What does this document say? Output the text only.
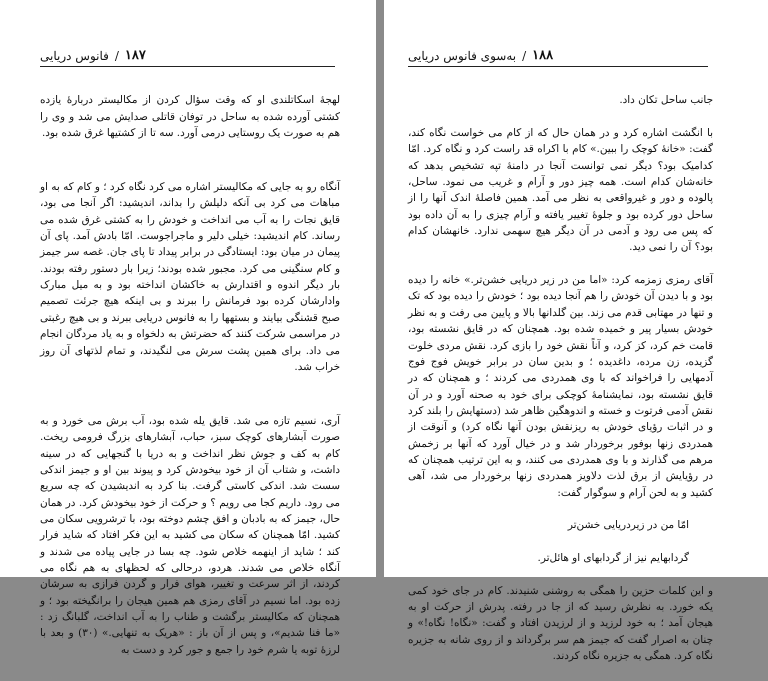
۱۸۷
/
فانوس دریایی

لهجهٔ اسکاتلندی او که وقت سؤال کردن از مکالیستر دربارهٔ یازده کشتی آورده شده به ساحل در توفان قاتلی صدایش می شد و وی را هم به صورت یک روستایی درمی آورد. سه تا از کشتیها غرق شده بود.

آنگاه رو به جایی که مکالیستر اشاره می کرد نگاه کرد ؛ و کام که به او مباهات می کرد بی آنکه دلیلش را بداند، اندیشید: اگر آنجا می بود، قایق نجات را به آب می انداخت و خودش را به کشتی غرق شده می رساند. کام اندیشید: خیلی دلیر و ماجراجوست. امّا بادش آمد. پای آن پیمان در میان بود: ایستادگی در برابر پیداد تا پای جان. غصه سر جیمز و کام سنگینی می کرد. مجبور شده بودند؛ زیرا بار دستور رفته بودند. بار دیگر اندوه و اقتدارش به خاکشان انداخته‌ بود و به میل مبارک وادارشان کرده بود فرمانش را ببرند و بی‌ اینکه هیچ جرئت تصمیم صبح قشنگی بیایند و بستهها را به فانوس دریایی ببرند و بی هیچ رغبتی در مراسمی شرکت کنند که حضرتش به دلخواه و به یاد مردگان انجام می داد. برای همین پشت سرش می لنگیدند، و تمام لذتهای آن روز خراب شد.

آری، نسیم تازه می شد. قایق یله شده بود، آب برش می خورد و به صورت آبشارهای کوچک سبز، حباب، آبشارهای بزرگ فرومی ریخت. کام به کف و جوش نظر انداخت و به دریا با گنجهایی که در سینه داشت، و شتاب آن از خود بیخودش کرد و پیوند بین او و جیمز اندکی سست شد. اندکی کاستی گرفت. بنا کرد به اندیشیدن که چه سریع می رود. داریم کجا می رویم ؟ و حرکت از خود بیخودش کرد. در همان حال، جیمز که به بادبان و افق چشم دوخته بود، با ترشرویی سکان می کشید. امّا همچنان که سکان می کشید به این فکر افتاد که شاید فرار کند ؛ شاید از اینهمه خلاص شود. چه بسا در جایی پیاده می شدند و آنگاه خلاص می شدند. هردو، درحالی که لحظهای به هم نگاه می کردند، از اثر سرعت و تغییر، هوای فرار و گردن فرازی به سرشان زده بود. اما نسیم در آقای رمزی هم همین هیجان را برانگیخته بود ؛ و همچنان که مکالیستر برگشت و طناب را به آب انداخت، گلبانگ زد : «ما فنا شدیم»، و پس از آن باز : «هریک به تنهایی.» (۳۰) و بعد با لرزهٔ توبه یا شرم خود را جمع و جور کرد و دست به

۱۸۸
/
به‌سوی فانوس دریایی

جانب ساحل تکان داد.

با انگشت اشاره کرد و در همان حال که از کام می خواست نگاه کند، گفت: «خانهٔ کوچک را ببین.» کام با اکراه قد راست کرد و نگاه کرد. امّا کدامیک بود؟ دیگر نمی توانست آنجا در دامنهٔ تپه تشخیص بدهد که خانه‌شان کدام است. همه چیز دور و آرام و غریب می نمود. ساحل، پالوده و دور و غیرواقعی به نظر می آمد. همین فاصلهٔ اندک آنها را از ساحل دور کرده بود و جلوهٔ تغییر یافته و آرام چیزی را به آن داده بود که پس می رود و آدمی در آن دیگر هیچ سهمی ندارد. خانهشان کدام بود؟ آن را نمی دید.

آقای رمزی زمزمه کرد: «اما من در زیر دریایی خشن‌تر.» خانه را دیده بود و با دیدن آن خودش را هم آنجا دیده بود ؛ خودش را دیده بود که تک و تنها در مهتابی قدم می زند. بین گلدانها بالا و پایین می رفت و به نظر خودش بسیار پیر و خمیده شده بود. همچنان که در قایق نشسته بود، قامت خم کرد، کز کرد، و آناً نقش خود را بازی کرد. نقش مردی خلوت گزیده، زن مرده، داغدیده ؛ و بدین سان در برابر خویش فوج فوج آدمهایی را فراخواند که با وی همدردی می کردند ؛ و همچنان که در قایق نشسته بود، نمایشنامهٔ کوچکی برای خود به صحنه آورد و در آن نقش آدمی فرتوت و خسته و اندوهگین ظاهر شد (دستهایش را بلند کرد و در اثبات رؤیای خودش به ریزنقش بودن آنها نگاه کرد) و آنوقت از همدردی زنها بوفور برخوردار شد و در خیال آورد که آنها بر زخمش مرهم می گذارند و با وی همدردی می کنند، و به این ترتیب همچنان که در رؤیایش از برق لذت دلاویز همدردی زنها برخوردار می شد، آهی کشید و به لحن آرام و سوگوار گفت:

امّا من در زیردریایی خشن‌تر

گردابهایم نیز از گردابهای او هائل‌تر.

و این کلمات حزین را همگی به روشنی شنیدند. کام در جای خود کمی یکه خورد. به نظرش رسید که از جا در رفته. پدرش از حرکت او به هیجان آمد ؛ به خود لرزید و از لرزیدن افتاد و گفت: «نگاه! نگاه!» و چنان به اصرار گفت که جیمز هم سر برگرداند و از روی شانه به جزیره نگاه کرد. همگی به جزیره نگاه کردند.
